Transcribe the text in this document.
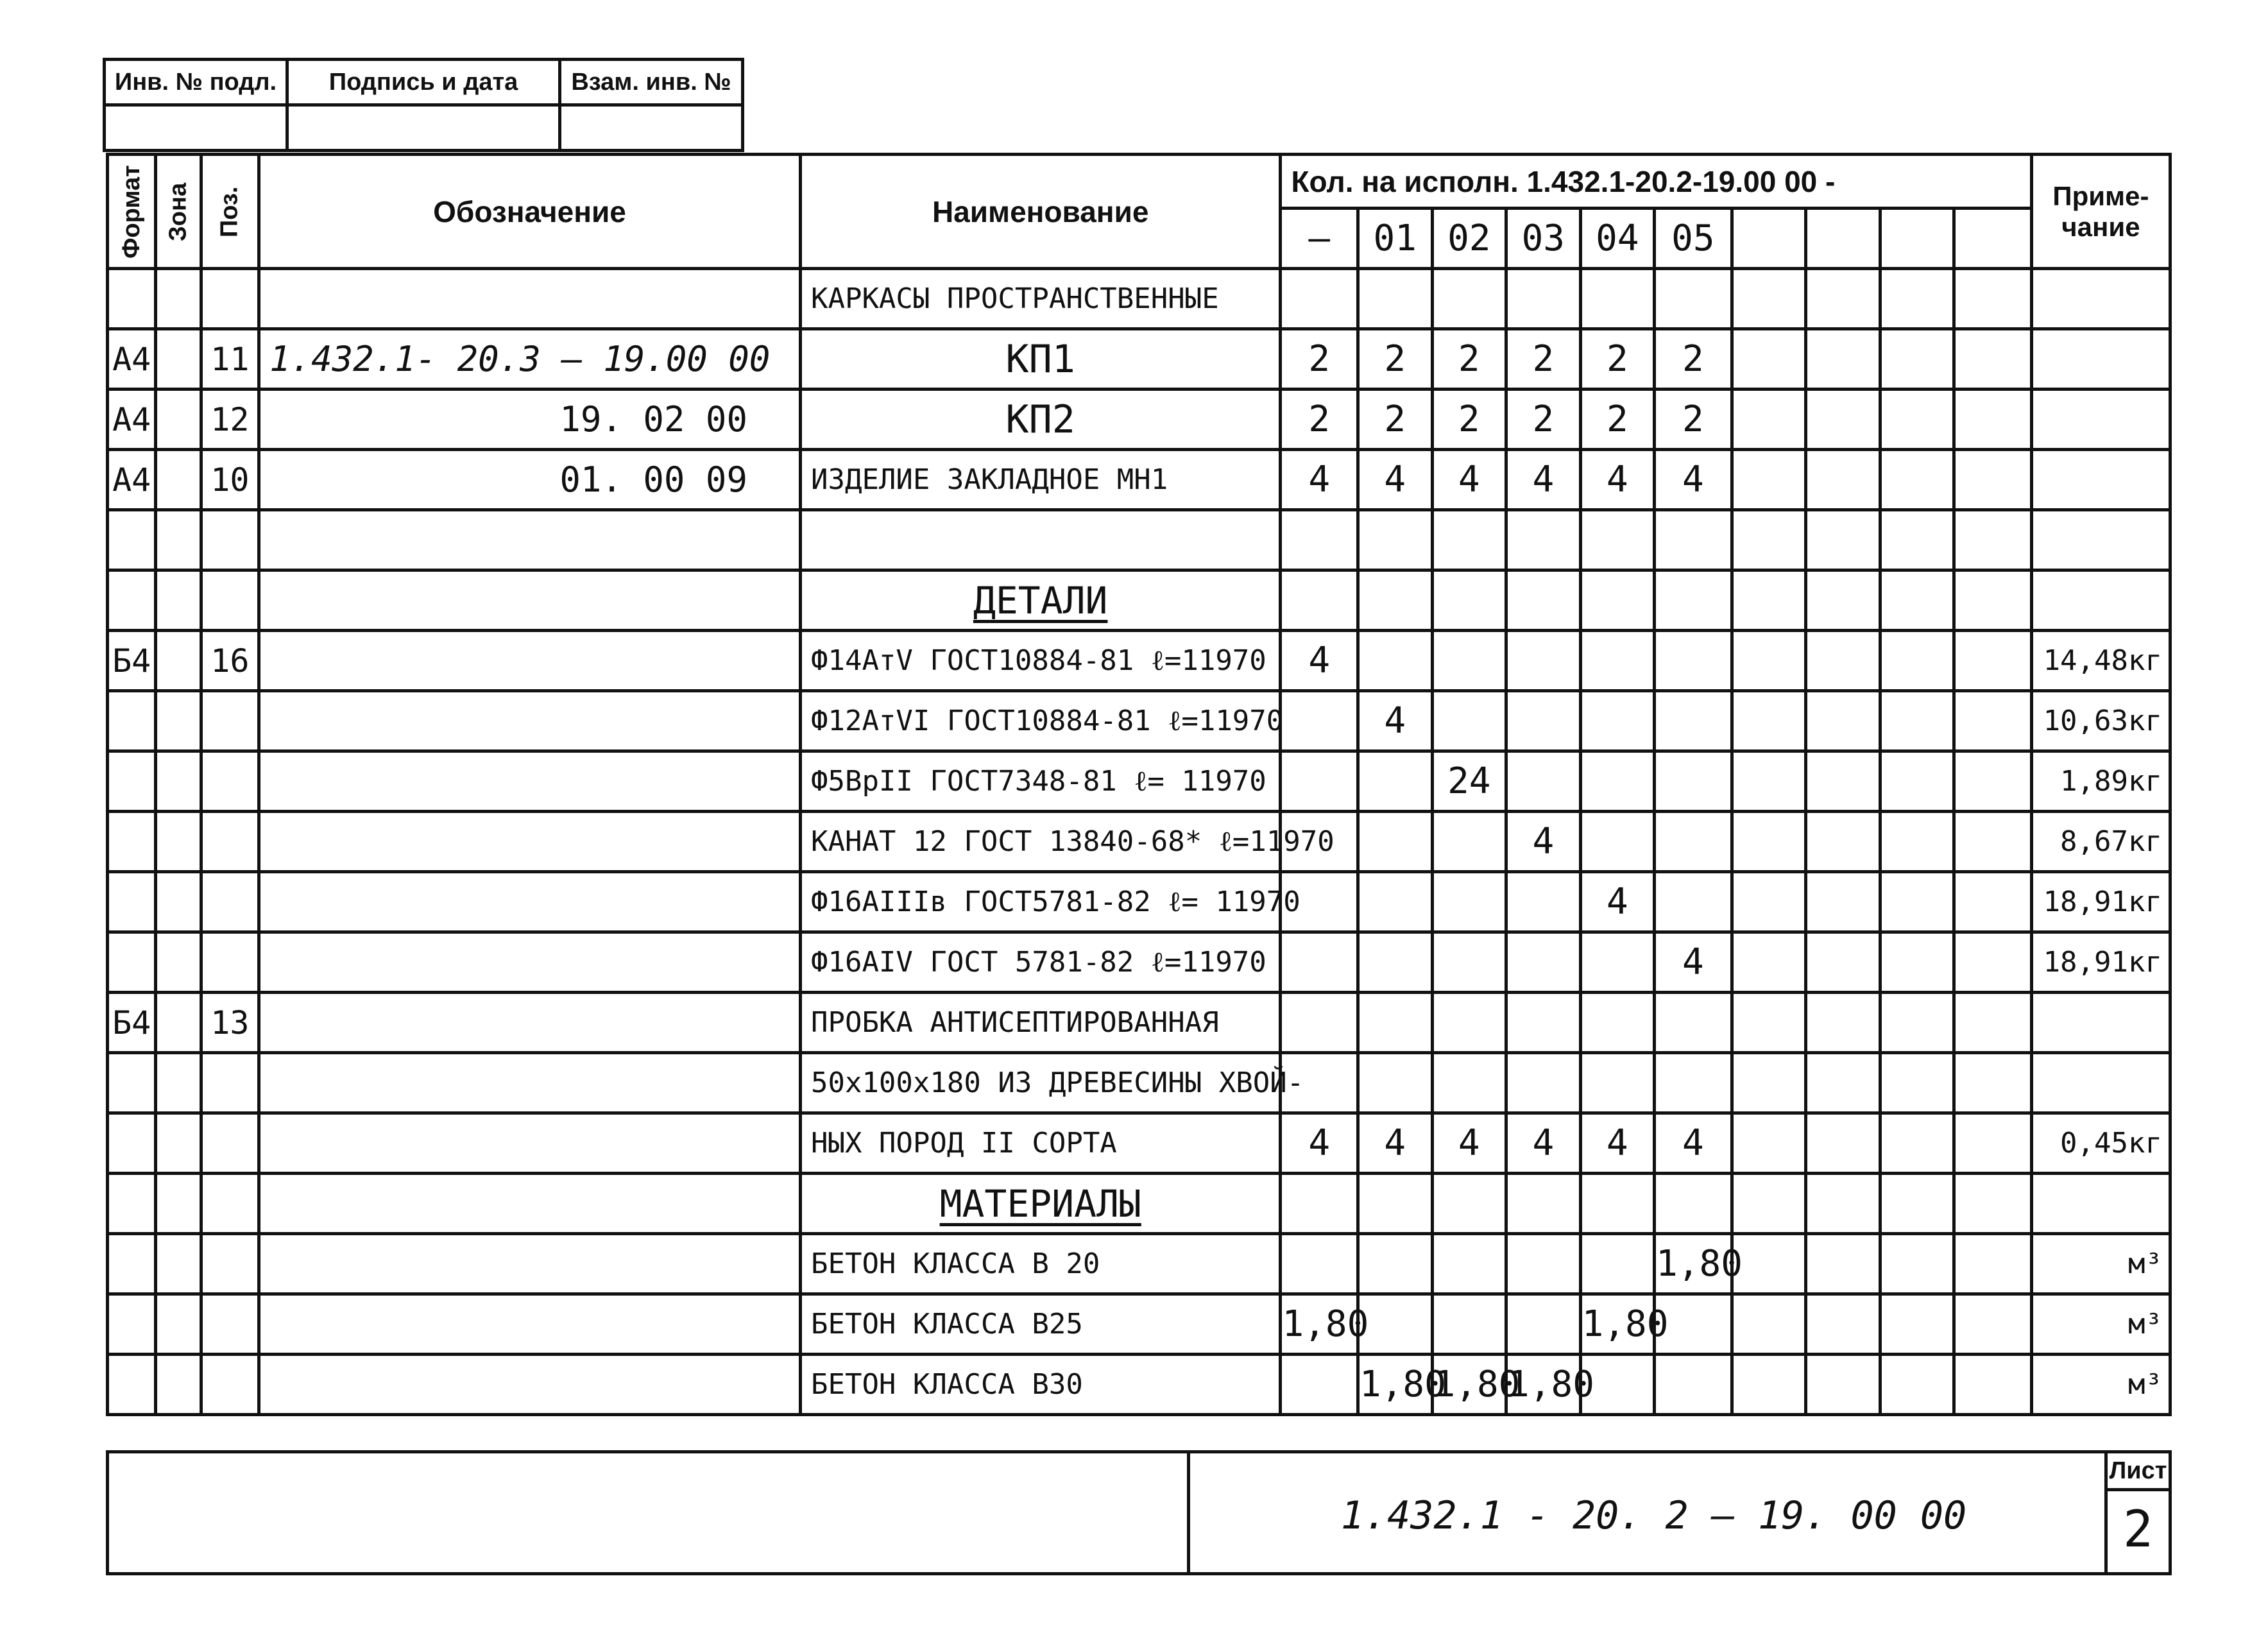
Инв. № подл.	Подпись и дата	Взам. инв. №

Формат	Зона	Поз.	Обозначение	Наименование	Кол. на исполн. 1.432.1-20.2-19.00 00 -										Приме-
чание
					—	01	02	03	04	05					
				КАРКАСЫ ПРОСТРАНСТВЕННЫЕ											
А4		11	1.432.1- 20.3 – 19.00 00	КП1	2	2	2	2	2	2					
А4		12	19. 02 00	КП2	2	2	2	2	2	2					
А4		10	01. 00 09	ИЗДЕЛИЕ ЗАКЛАДНОЕ МН1	4	4	4	4	4	4					

				ДЕТАЛИ											
Б4		16		Ф14АтV ГОСТ10884-81 ℓ=11970	4										14,48кг
				Ф12АтVI ГОСТ10884-81 ℓ=11970		4									10,63кг
				Ф5ВрII ГОСТ7348-81 ℓ= 11970			24								1,89кг
				КАНАТ 12 ГОСТ 13840-68* ℓ=11970				4							8,67кг
				Ф16АIIIв ГОСТ5781-82 ℓ= 11970					4						18,91кг
				Ф16АIV ГОСТ 5781-82 ℓ=11970						4					18,91кг
Б4		13		ПРОБКА АНТИСЕПТИРОВАННАЯ											
				50х100х180 ИЗ ДРЕВЕСИНЫ ХВОЙ-											
				НЫХ ПОРОД II СОРТА	4	4	4	4	4	4					0,45кг
				МАТЕРИАЛЫ											
				БЕТОН КЛАССА В 20						1,80					м³
				БЕТОН КЛАССА В25	1,80				1,80						м³
				БЕТОН КЛАССА В30		1,80	1,80	1,80							м³
1.432.1 - 20. 2 – 19. 00 00
Лист
2
